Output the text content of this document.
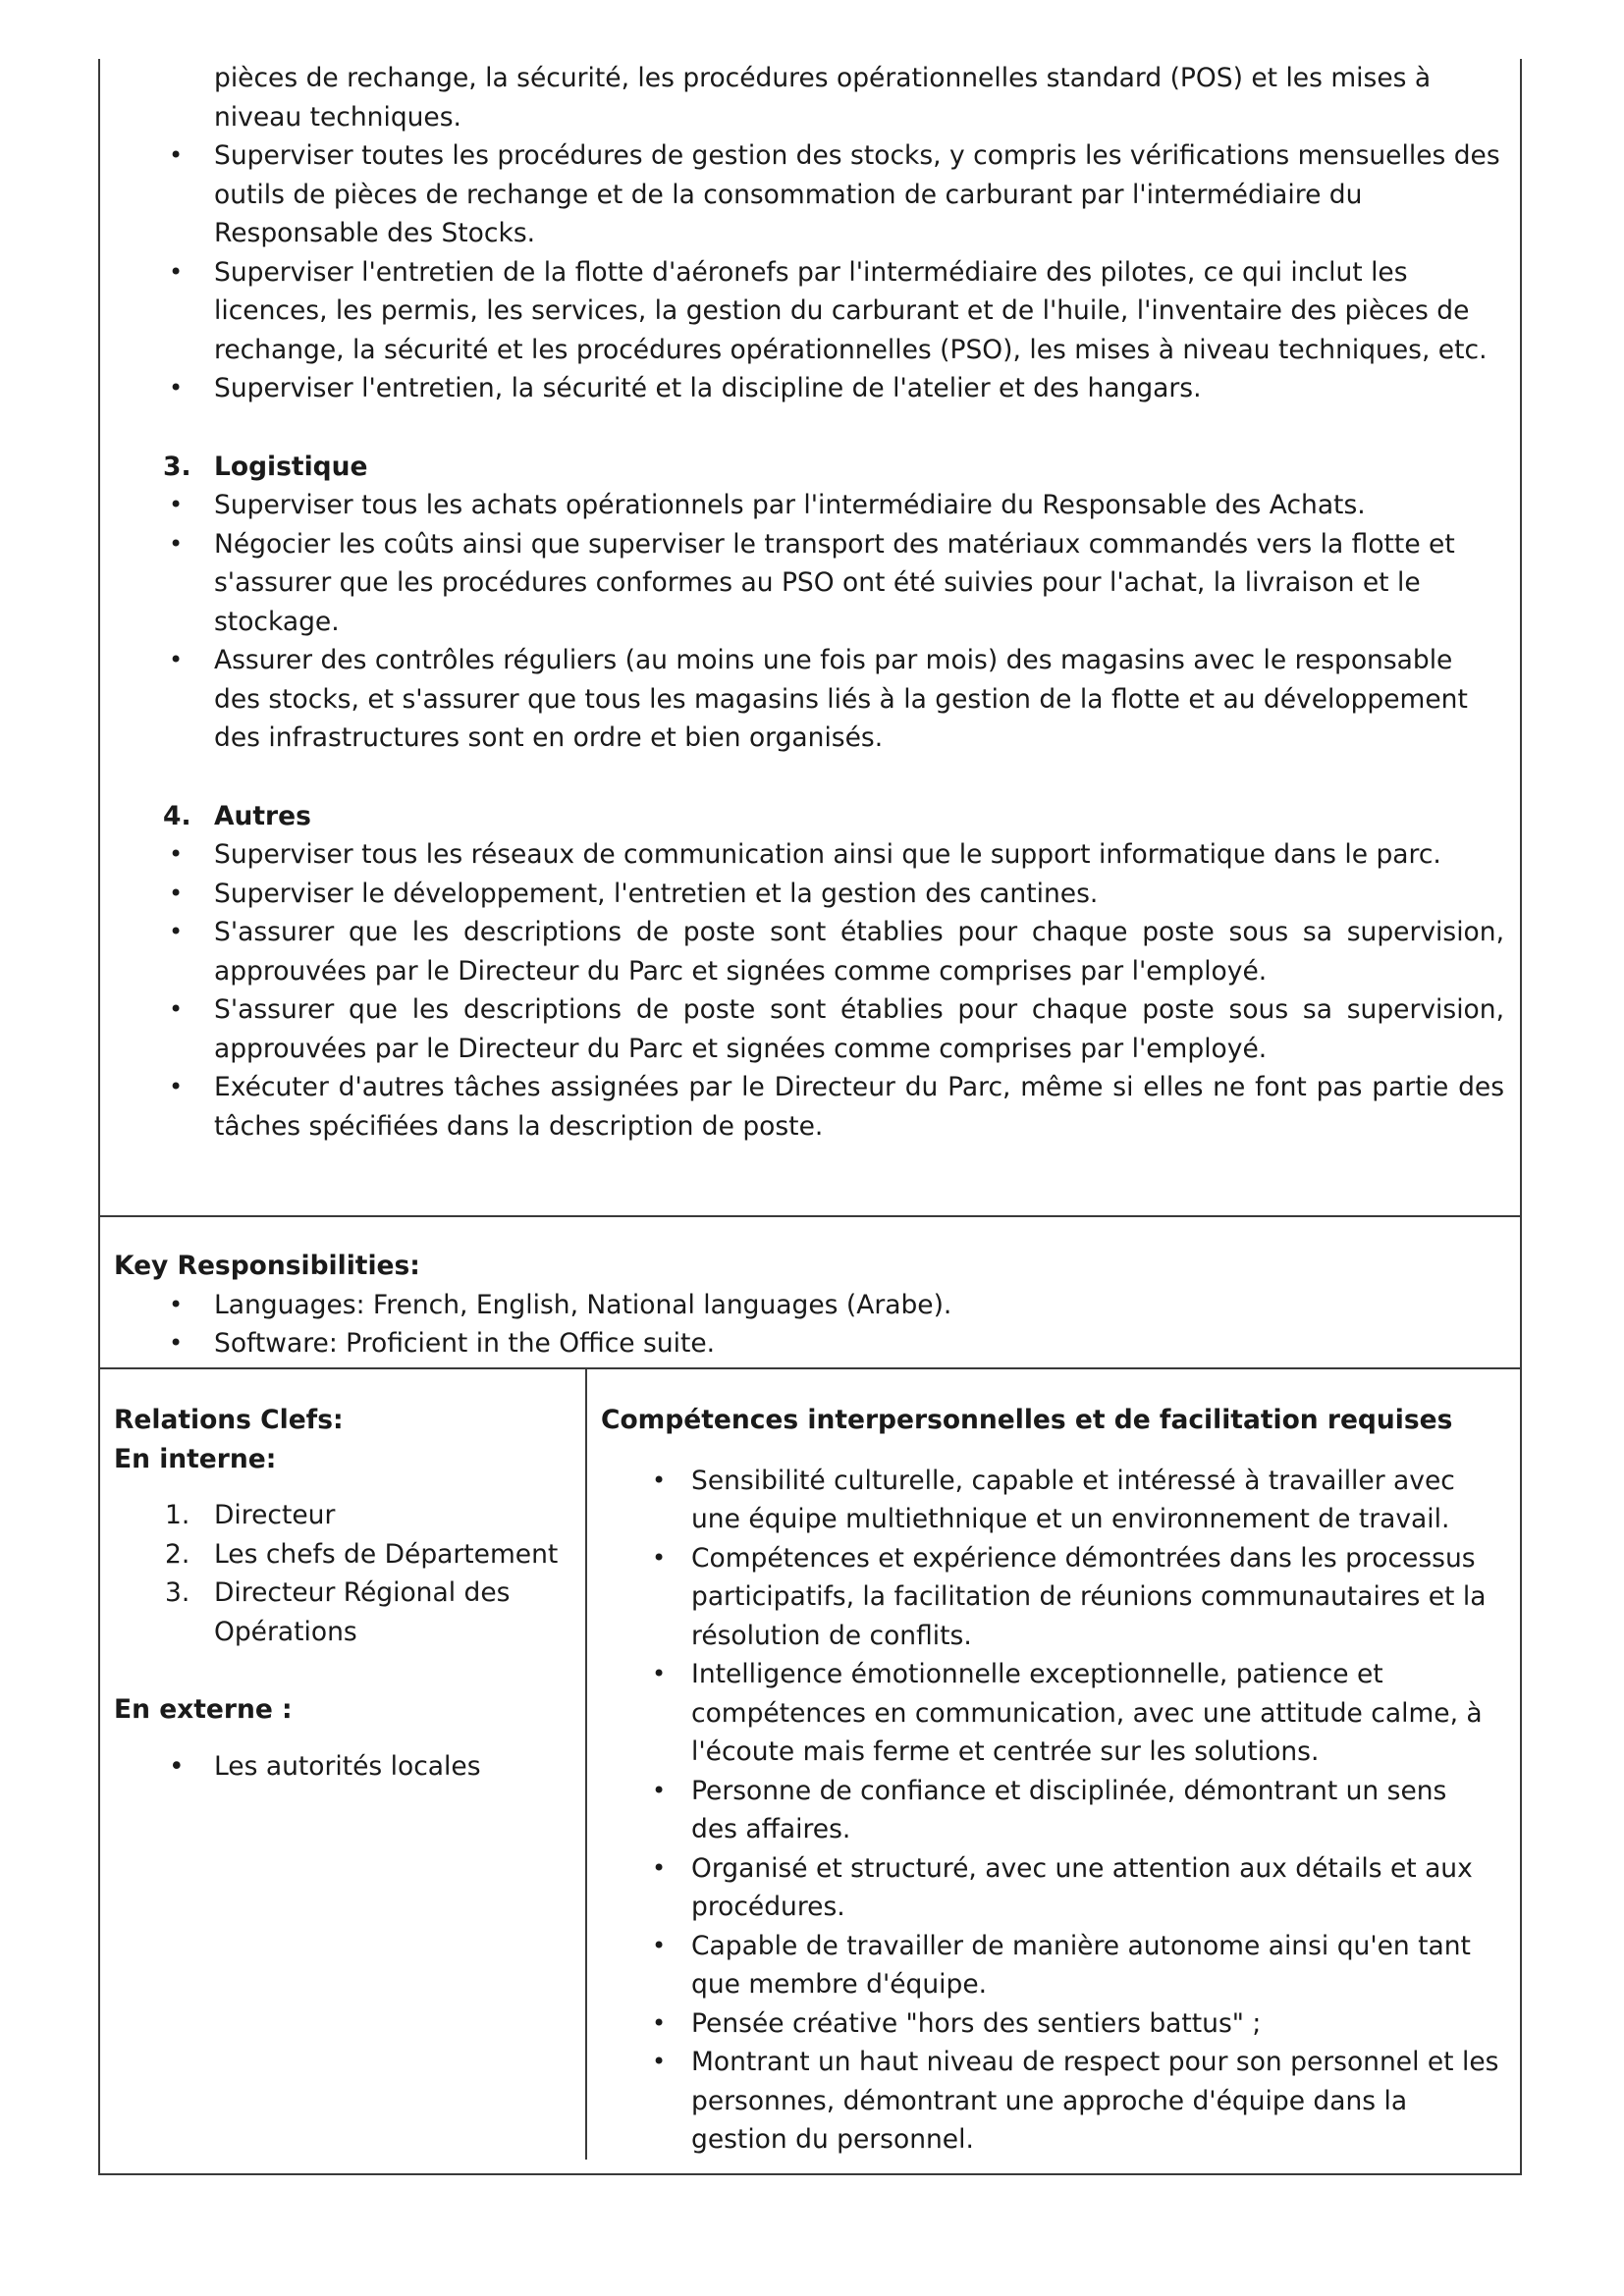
pièces de rechange, la sécurité, les procédures opérationnelles standard (POS) et les mises à
niveau techniques.
• Superviser toutes les procédures de gestion des stocks, y compris les vérifications mensuelles des outils de pièces de rechange et de la consommation de carburant par l'intermédiaire du Responsable des Stocks.
• Superviser l'entretien de la flotte d'aéronefs par l'intermédiaire des pilotes, ce qui inclut les licences, les permis, les services, la gestion du carburant et de l'huile, l'inventaire des pièces de rechange, la sécurité et les procédures opérationnelles (PSO), les mises à niveau techniques, etc.
• Superviser l'entretien, la sécurité et la discipline de l'atelier et des hangars.
3. Logistique
• Superviser tous les achats opérationnels par l'intermédiaire du Responsable des Achats.
• Négocier les coûts ainsi que superviser le transport des matériaux commandés vers la flotte et s'assurer que les procédures conformes au PSO ont été suivies pour l'achat, la livraison et le stockage.
• Assurer des contrôles réguliers (au moins une fois par mois) des magasins avec le responsable des stocks, et s'assurer que tous les magasins liés à la gestion de la flotte et au développement des infrastructures sont en ordre et bien organisés.
4. Autres
• Superviser tous les réseaux de communication ainsi que le support informatique dans le parc.
• Superviser le développement, l'entretien et la gestion des cantines.
• S'assurer que les descriptions de poste sont établies pour chaque poste sous sa supervision, approuvées par le Directeur du Parc et signées comme comprises par l'employé.
• S'assurer que les descriptions de poste sont établies pour chaque poste sous sa supervision, approuvées par le Directeur du Parc et signées comme comprises par l'employé.
• Exécuter d'autres tâches assignées par le Directeur du Parc, même si elles ne font pas partie des tâches spécifiées dans la description de poste.
Key Responsibilities:
• Languages: French, English, National languages (Arabe).
• Software: Proficient in the Office suite.
Relations Clefs:
En interne:
1. Directeur
2. Les chefs de Département
3. Directeur Régional des Opérations
En externe :
• Les autorités locales
Compétences interpersonnelles et de facilitation requises
• Sensibilité culturelle, capable et intéressé à travailler avec une équipe multiethnique et un environnement de travail.
• Compétences et expérience démontrées dans les processus participatifs, la facilitation de réunions communautaires et la résolution de conflits.
• Intelligence émotionnelle exceptionnelle, patience et compétences en communication, avec une attitude calme, à l'écoute mais ferme et centrée sur les solutions.
• Personne de confiance et disciplinée, démontrant un sens des affaires.
• Organisé et structuré, avec une attention aux détails et aux procédures.
• Capable de travailler de manière autonome ainsi qu'en tant que membre d'équipe.
• Pensée créative "hors des sentiers battus" ;
• Montrant un haut niveau de respect pour son personnel et les personnes, démontrant une approche d'équipe dans la gestion du personnel.
